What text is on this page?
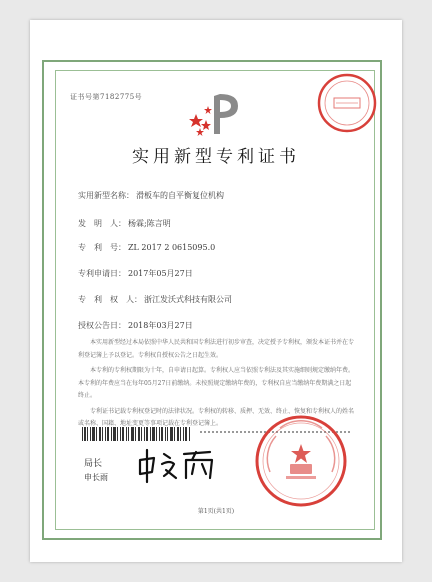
证书号第7182775号
实用新型专利证书
实用新型名称： 滑板车的自平衡复位机构
发　明　人： 杨霖;陈言明
专　利　号： ZL 2017 2 0615095.0
专利申请日： 2017年05月27日
专　利　权　人： 浙江发沃式科技有限公司
授权公告日： 2018年03月27日

本实用新型经过本局依照中华人民共和国专利法进行初步审查，决定授予专利权，颁发本证书并在专利登记簿上予以登记。专利权自授权公告之日起生效。

本专利的专利权期限为十年，自申请日起算。专利权人应当依照专利法及其实施细则规定缴纳年费。本专利的年费应当在每年05月27日前缴纳。未按照规定缴纳年费的，专利权自应当缴纳年费期满之日起终止。

专利证书记载专利权登记时的法律状况。专利权的转移、质押、无效、终止、恢复和专利权人的姓名或名称、国籍、地址变更等事项记载在专利登记簿上。

局长
申长雨
第1页(共1页)
